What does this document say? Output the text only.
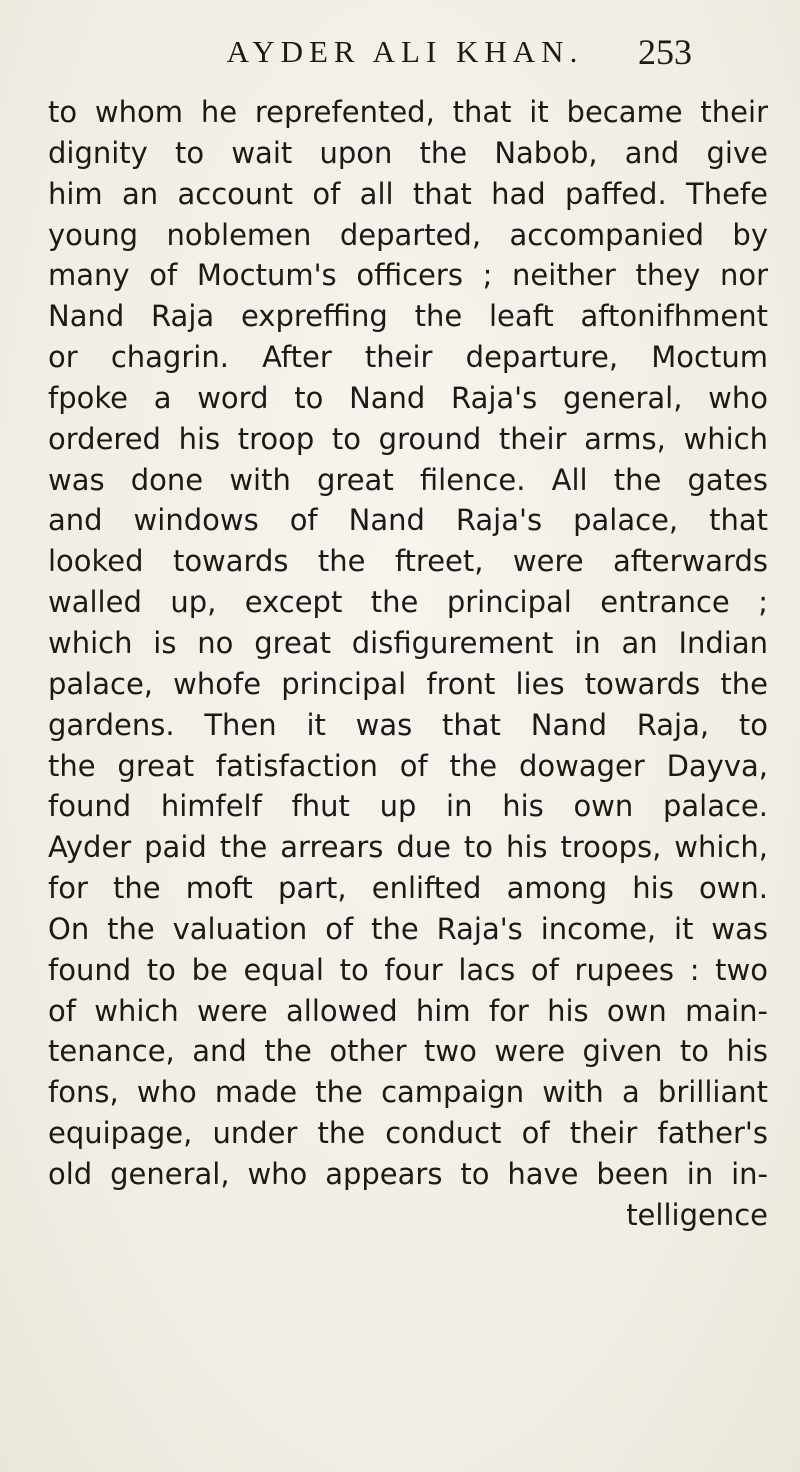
AYDER ALI KHAN.	253
to whom he reprefented, that it became their
dignity to wait upon the Nabob, and give
him an account of all that had paffed. Thefe
young noblemen departed, accompanied by
many of Moctum's officers ; neither they nor
Nand Raja expreffing the leaft aftonifhment
or chagrin. After their departure, Moctum
fpoke a word to Nand Raja's general, who
ordered his troop to ground their arms, which
was done with great filence. All the gates
and windows of Nand Raja's palace, that
looked towards the ftreet, were afterwards
walled up, except the principal entrance ;
which is no great disfigurement in an Indian
palace, whofe principal front lies towards the
gardens. Then it was that Nand Raja, to
the great fatisfaction of the dowager Dayva,
found himfelf fhut up in his own palace.
Ayder paid the arrears due to his troops, which,
for the moft part, enlifted among his own.
On the valuation of the Raja's income, it was
found to be equal to four lacs of rupees : two
of which were allowed him for his own main-
tenance, and the other two were given to his
fons, who made the campaign with a brilliant
equipage, under the conduct of their father's
old general, who appears to have been in in-
telligence
